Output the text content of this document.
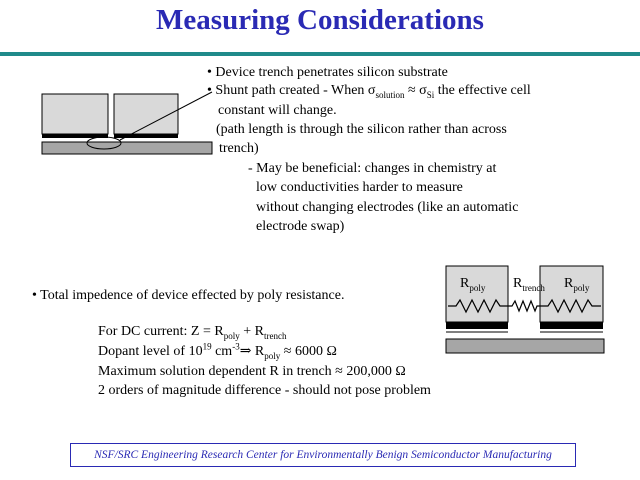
Measuring Considerations
• Device trench penetrates silicon substrate
• Shunt path created - When $\sigma_{solution} \approx \sigma_{Si}$ the effective cell
constant will change.
(path length is through the silicon rather than across
trench)
- May be beneficial: changes in chemistry at
low conductivities harder to measure
without changing electrodes (like an automatic
electrode swap)
• Total impedence of device effected by poly resistance.
$R_{poly}$ $R_{trench}$ $R_{poly}$
For DC current: $Z = R_{poly} + R_{trench}$
Dopant level of $10^{19}$ $cm^{-3}\Rightarrow$ $R_{poly} \approx 6000$ Ω
Maximum solution dependent R in trench ≈ 200,000 Ω
2 orders of magnitude difference - should not pose problem
NSF/SRC Engineering Research Center for Environmentally Benign Semiconductor Manufacturing
